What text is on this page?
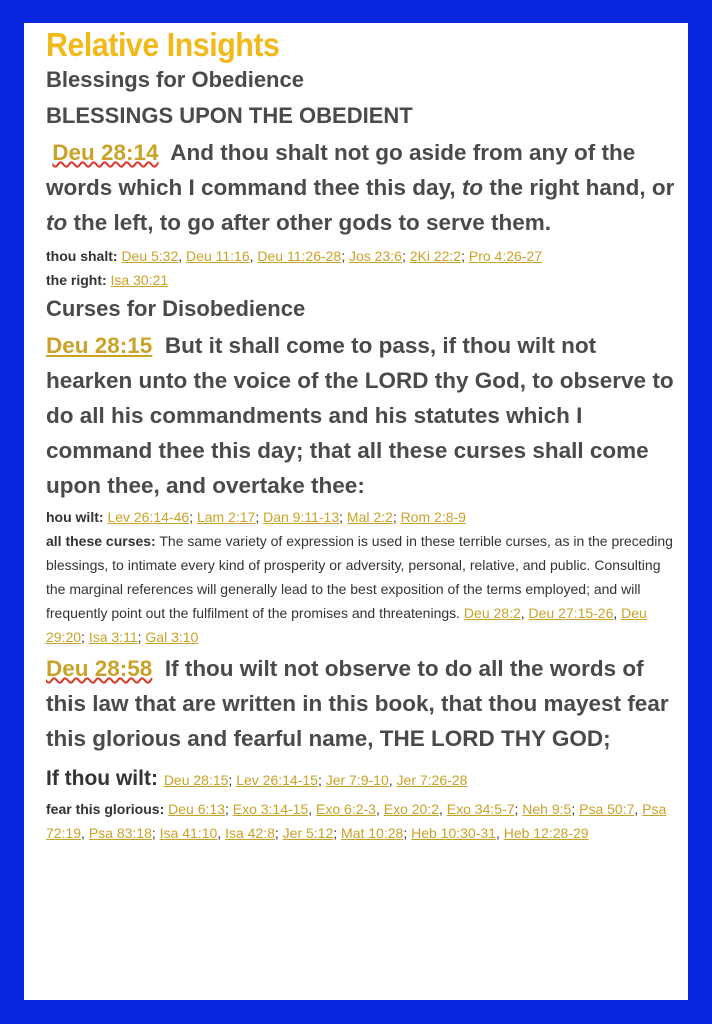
Relative Insights
Blessings for Obedience
BLESSINGS UPON THE OBEDIENT

Deu 28:14 And thou shalt not go aside from any of the words which I command thee this day, to the right hand, or to the left, to go after other gods to serve them.

thou shalt: Deu 5:32, Deu 11:16, Deu 11:26-28; Jos 23:6; 2Ki 22:2; Pro 4:26-27

the right: Isa 30:21

Curses for Disobedience

Deu 28:15 But it shall come to pass, if thou wilt not hearken unto the voice of the LORD thy God, to observe to do all his commandments and his statutes which I command thee this day; that all these curses shall come upon thee, and overtake thee:

hou wilt: Lev 26:14-46; Lam 2:17; Dan 9:11-13; Mal 2:2; Rom 2:8-9

all these curses: The same variety of expression is used in these terrible curses, as in the preceding blessings, to intimate every kind of prosperity or adversity, personal, relative, and public. Consulting the marginal references will generally lead to the best exposition of the terms employed; and will frequently point out the fulfilment of the promises and threatenings. Deu 28:2, Deu 27:15-26, Deu 29:20; Isa 3:11; Gal 3:10

Deu 28:58 If thou wilt not observe to do all the words of this law that are written in this book, that thou mayest fear this glorious and fearful name, THE LORD THY GOD;

If thou wilt: Deu 28:15; Lev 26:14-15; Jer 7:9-10, Jer 7:26-28

fear this glorious: Deu 6:13; Exo 3:14-15, Exo 6:2-3, Exo 20:2, Exo 34:5-7; Neh 9:5; Psa 50:7, Psa 72:19, Psa 83:18; Isa 41:10, Isa 42:8; Jer 5:12; Mat 10:28; Heb 10:30-31, Heb 12:28-29
